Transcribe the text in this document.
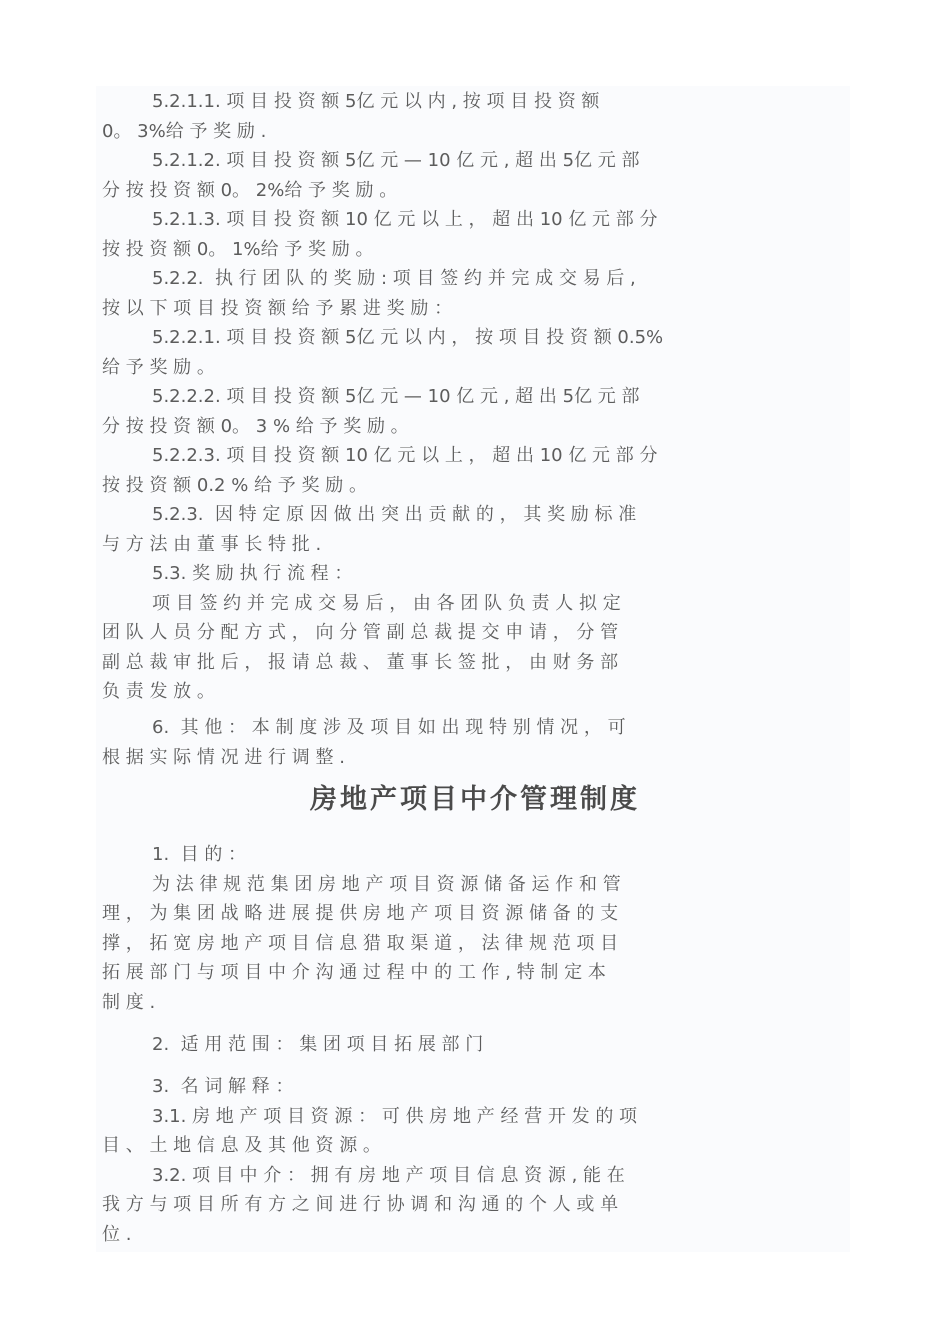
5.2.1.1. 项 目 投 资 额 5亿 元 以 内 , 按 项 目 投 资 额
0。 3%给 予 奖 励 .
5.2.1.2. 项 目 投 资 额 5亿 元 — 10 亿 元 , 超 出 5亿 元 部
分 按 投 资 额 0。 2%给 予 奖 励 。
5.2.1.3. 项 目 投 资 额 10 亿 元 以 上 ， 超 出 10 亿 元 部 分
按 投 资 额 0。 1%给 予 奖 励 。
5.2.2.  执 行 团 队 的 奖 励 : 项 目 签 约 并 完 成 交 易 后 ,
按 以 下 项 目 投 资 额 给 予 累 进 奖 励 ：
5.2.2.1. 项 目 投 资 额 5亿 元 以 内 ， 按 项 目 投 资 额 0.5%
给 予 奖 励 。
5.2.2.2. 项 目 投 资 额 5亿 元 — 10 亿 元 , 超 出 5亿 元 部
分 按 投 资 额 0。 3 % 给 予 奖 励 。
5.2.2.3. 项 目 投 资 额 10 亿 元 以 上 ， 超 出 10 亿 元 部 分
按 投 资 额 0.2 % 给 予 奖 励 。
5.2.3.  因 特 定 原 因 做 出 突 出 贡 献 的 ， 其 奖 励 标 准
与 方 法 由 董 事 长 特 批 .
5.3. 奖 励 执 行 流 程 ：
项 目 签 约 并 完 成 交 易 后 ， 由 各 团 队 负 责 人 拟 定
团 队 人 员 分 配 方 式 ， 向 分 管 副 总 裁 提 交 申 请 ， 分 管
副 总 裁 审 批 后 ， 报 请 总 裁 、 董 事 长 签 批 ， 由 财 务 部
负 责 发 放 。
6.  其 他 ： 本 制 度 涉 及 项 目 如 出 现 特 别 情 况 ， 可
根 据 实 际 情 况 进 行 调 整 .
房地产项目中介管理制度
1.  目 的 ：
为 法 律 规 范 集 团 房 地 产 项 目 资 源 储 备 运 作 和 管
理 ， 为 集 团 战 略 进 展 提 供 房 地 产 项 目 资 源 储 备 的 支
撑 ， 拓 宽 房 地 产 项 目 信 息 猎 取 渠 道 ， 法 律 规 范 项 目
拓 展 部 门 与 项 目 中 介 沟 通 过 程 中 的 工 作 , 特 制 定 本
制 度 .
2.  适 用 范 围 ： 集 团 项 目 拓 展 部 门
3.  名 词 解 释 ：
3.1. 房 地 产 项 目 资 源 ： 可 供 房 地 产 经 营 开 发 的 项
目 、 土 地 信 息 及 其 他 资 源 。
3.2. 项 目 中 介 ： 拥 有 房 地 产 项 目 信 息 资 源 , 能 在
我 方 与 项 目 所 有 方 之 间 进 行 协 调 和 沟 通 的 个 人 或 单
位 .
